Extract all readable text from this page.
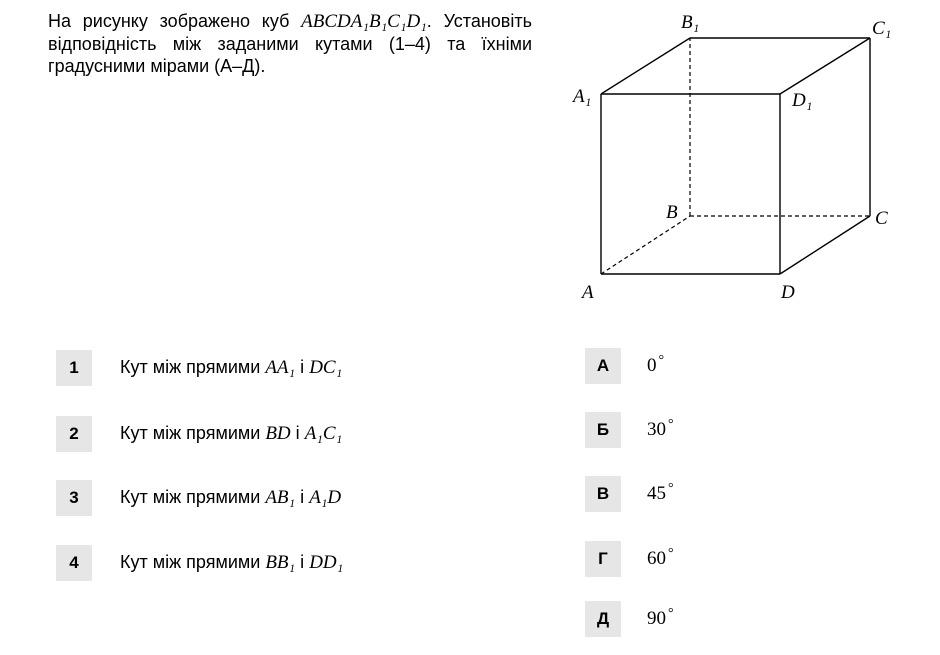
На рисунку зображено куб ABCDA₁B₁C₁D₁. Установіть відповідність між заданими кутами (1–4) та їхніми градусними мірами (А–Д).

A	D
B	C
A₁	D₁
B₁	C₁
1	Кут між прямими AA₁ і DC₁
2	Кут між прямими BD і A₁C₁
3	Кут між прямими AB₁ і A₁D
4	Кут між прямими BB₁ і DD₁
А	0 °
Б	30 °
В	45 °
Г	60 °
Д	90 °
